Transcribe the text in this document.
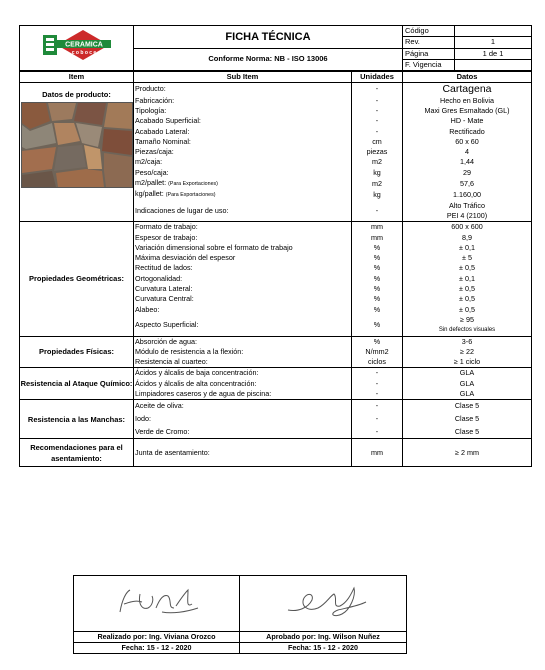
CERAMICA
c o b o c e	FICHA TÉCNICA	Código	
		Rev.	1
	Conforme Norma: NB - ISO 13006	Página	1 de 1
		F. Vigencia	
Item	Sub Item	Unidades	Datos

Datos de producto:	Producto:	-	Cartagena
	Fabricación:	-	Hecho en Bolivia
	Tipología:	-	Maxi Gres Esmaltado (GL)
	Acabado Superficial:	-	HD - Mate
	Acabado Lateral:	-	Rectificado
	Tamaño Nominal:	cm	60 x 60
	Piezas/caja:	piezas	4
	m2/caja:	m2	1,44
	Peso/caja:	kg	29
	m2/pallet: (Para Exportaciones)	m2	57,6
	kg/pallet: (Para Exportaciones)	kg	1.160,00
	Indicaciones de lugar de uso:	-	Alto Tráfico
			PEI 4 (2100)
Propiedades Geométricas:	Formato de trabajo:	mm	600 x 600
	Espesor de trabajo:	mm	8,9
	Variación dimensional sobre el formato de trabajo	%	± 0,1
	Máxima desviación del espesor	%	± 5
	Rectitud de lados:	%	± 0,5
	Ortogonalidad:	%	± 0,1
	Curvatura Lateral:	%	± 0,5
	Curvatura Central:	%	± 0,5
	Alabeo:	%	± 0,5
	Aspecto Superficial:	%	≥ 95
			Sin defectos visuales
Propiedades Físicas:	Absorción de agua:	%	3-6
	Módulo de resistencia a la flexión:	N/mm2	≥ 22
	Resistencia al cuarteo:	ciclos	≥ 1 ciclo
Resistencia al Ataque Químico:	Ácidos y álcalis de baja concentración:	-	GLA
	Ácidos y álcalis de alta concentración:	-	GLA
	Limpiadores caseros y de agua de piscina:	-	GLA
Resistencia a las Manchas:	Aceite de oliva:	-	Clase 5
	Iodo:	-	Clase 5
	Verde de Cromo:	-	Clase 5
Recomendaciones para el asentamiento:	Junta de asentamiento:	mm	≥ 2 mm

Realizado por: Ing. Viviana Orozco	Aprobado por: Ing. Wilson Nuñez
Fecha: 15 - 12 - 2020	Fecha: 15 - 12 - 2020
